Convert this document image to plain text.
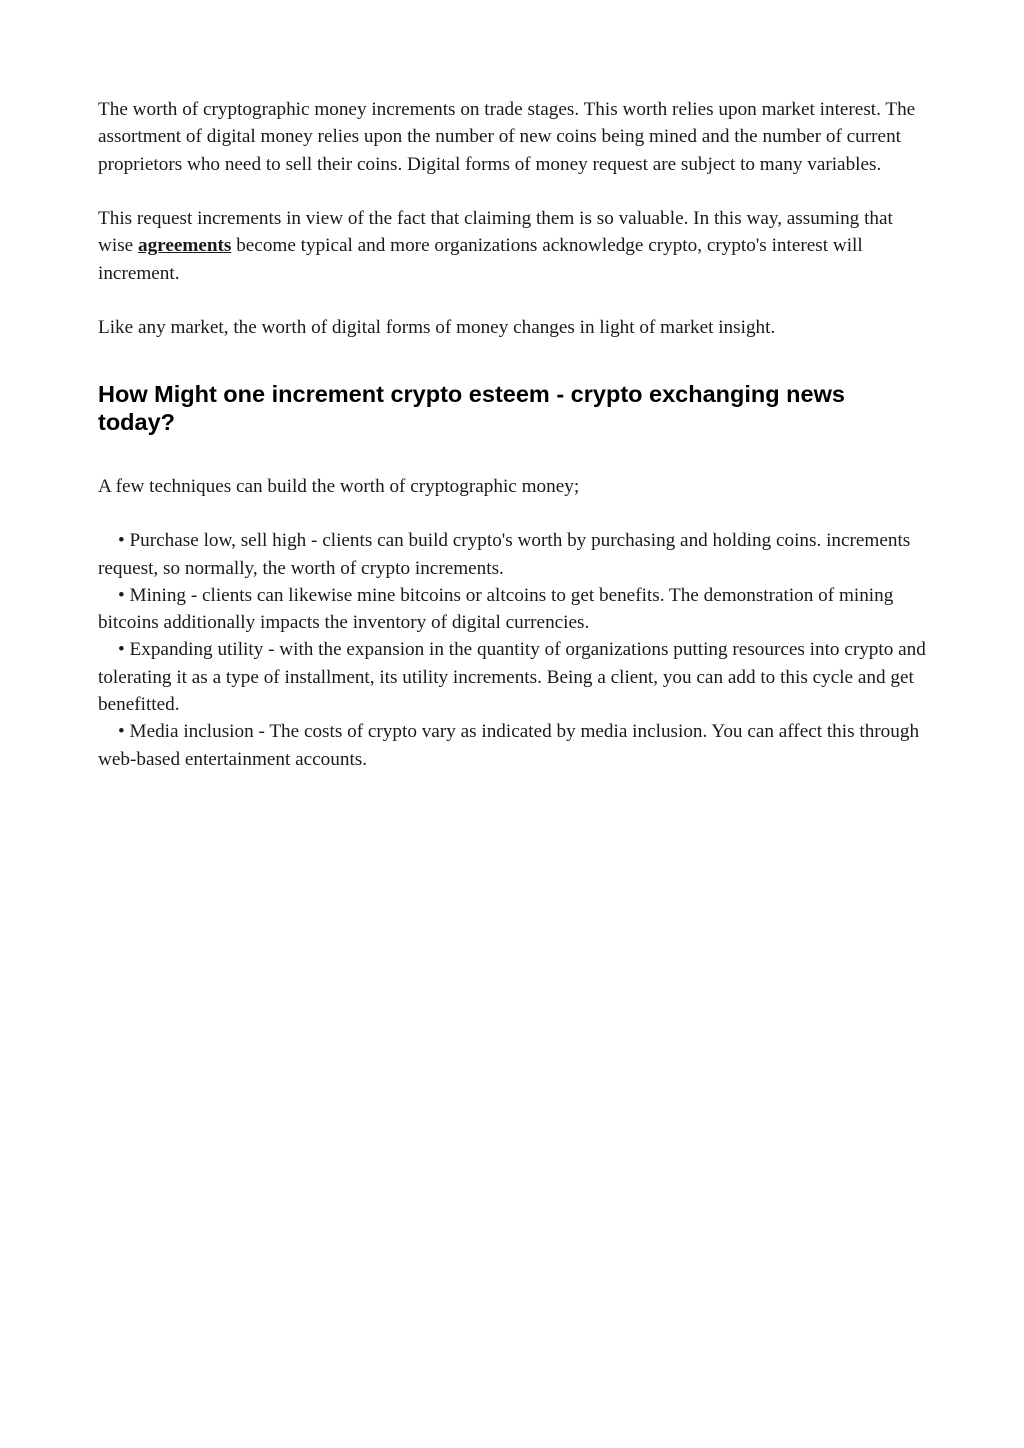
The worth of cryptographic money increments on trade stages. This worth relies upon market interest. The assortment of digital money relies upon the number of new coins being mined and the number of current proprietors who need to sell their coins. Digital forms of money request are subject to many variables.

This request increments in view of the fact that claiming them is so valuable. In this way, assuming that wise agreements become typical and more organizations acknowledge crypto, crypto's interest will increment.

Like any market, the worth of digital forms of money changes in light of market insight.

How Might one increment crypto esteem - crypto exchanging news today?

A few techniques can build the worth of cryptographic money;

• Purchase low, sell high - clients can build crypto's worth by purchasing and holding coins. increments request, so normally, the worth of crypto increments.
• Mining - clients can likewise mine bitcoins or altcoins to get benefits. The demonstration of mining bitcoins additionally impacts the inventory of digital currencies.
• Expanding utility - with the expansion in the quantity of organizations putting resources into crypto and tolerating it as a type of installment, its utility increments. Being a client, you can add to this cycle and get benefitted.
• Media inclusion - The costs of crypto vary as indicated by media inclusion. You can affect this through web-based entertainment accounts.
